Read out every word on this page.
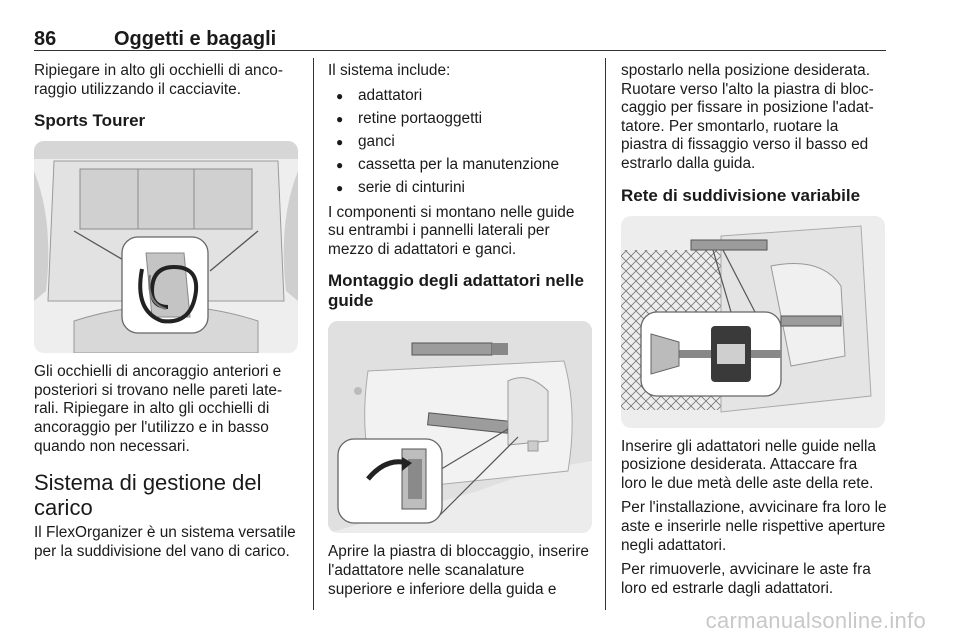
86	Oggetti e bagagli

Ripiegare in alto gli occhielli di ancoraggio utilizzando il cacciavite.

Sports Tourer

Gli occhielli di ancoraggio anteriori e posteriori si trovano nelle pareti laterali. Ripiegare in alto gli occhielli di ancoraggio per l'utilizzo e in basso quando non necessari.

Sistema di gestione del carico

Il FlexOrganizer è un sistema versatile per la suddivisione del vano di carico.

Il sistema include:

● adattatori
● retine portaoggetti
● ganci
● cassetta per la manutenzione
● serie di cinturini

I componenti si montano nelle guide su entrambi i pannelli laterali per mezzo di adattatori e ganci.

Montaggio degli adattatori nelle guide

Aprire la piastra di bloccaggio, inserire l'adattatore nelle scanalature superiore e inferiore della guida e

spostarlo nella posizione desiderata. Ruotare verso l'alto la piastra di bloccaggio per fissare in posizione l'adattatore. Per smontarlo, ruotare la piastra di fissaggio verso il basso ed estrarlo dalla guida.

Rete di suddivisione variabile

Inserire gli adattatori nelle guide nella posizione desiderata. Attaccare fra loro le due metà delle aste della rete.

Per l'installazione, avvicinare fra loro le aste e inserirle nelle rispettive aperture negli adattatori.

Per rimuoverle, avvicinare le aste fra loro ed estrarle dagli adattatori.

carmanualsonline.info
